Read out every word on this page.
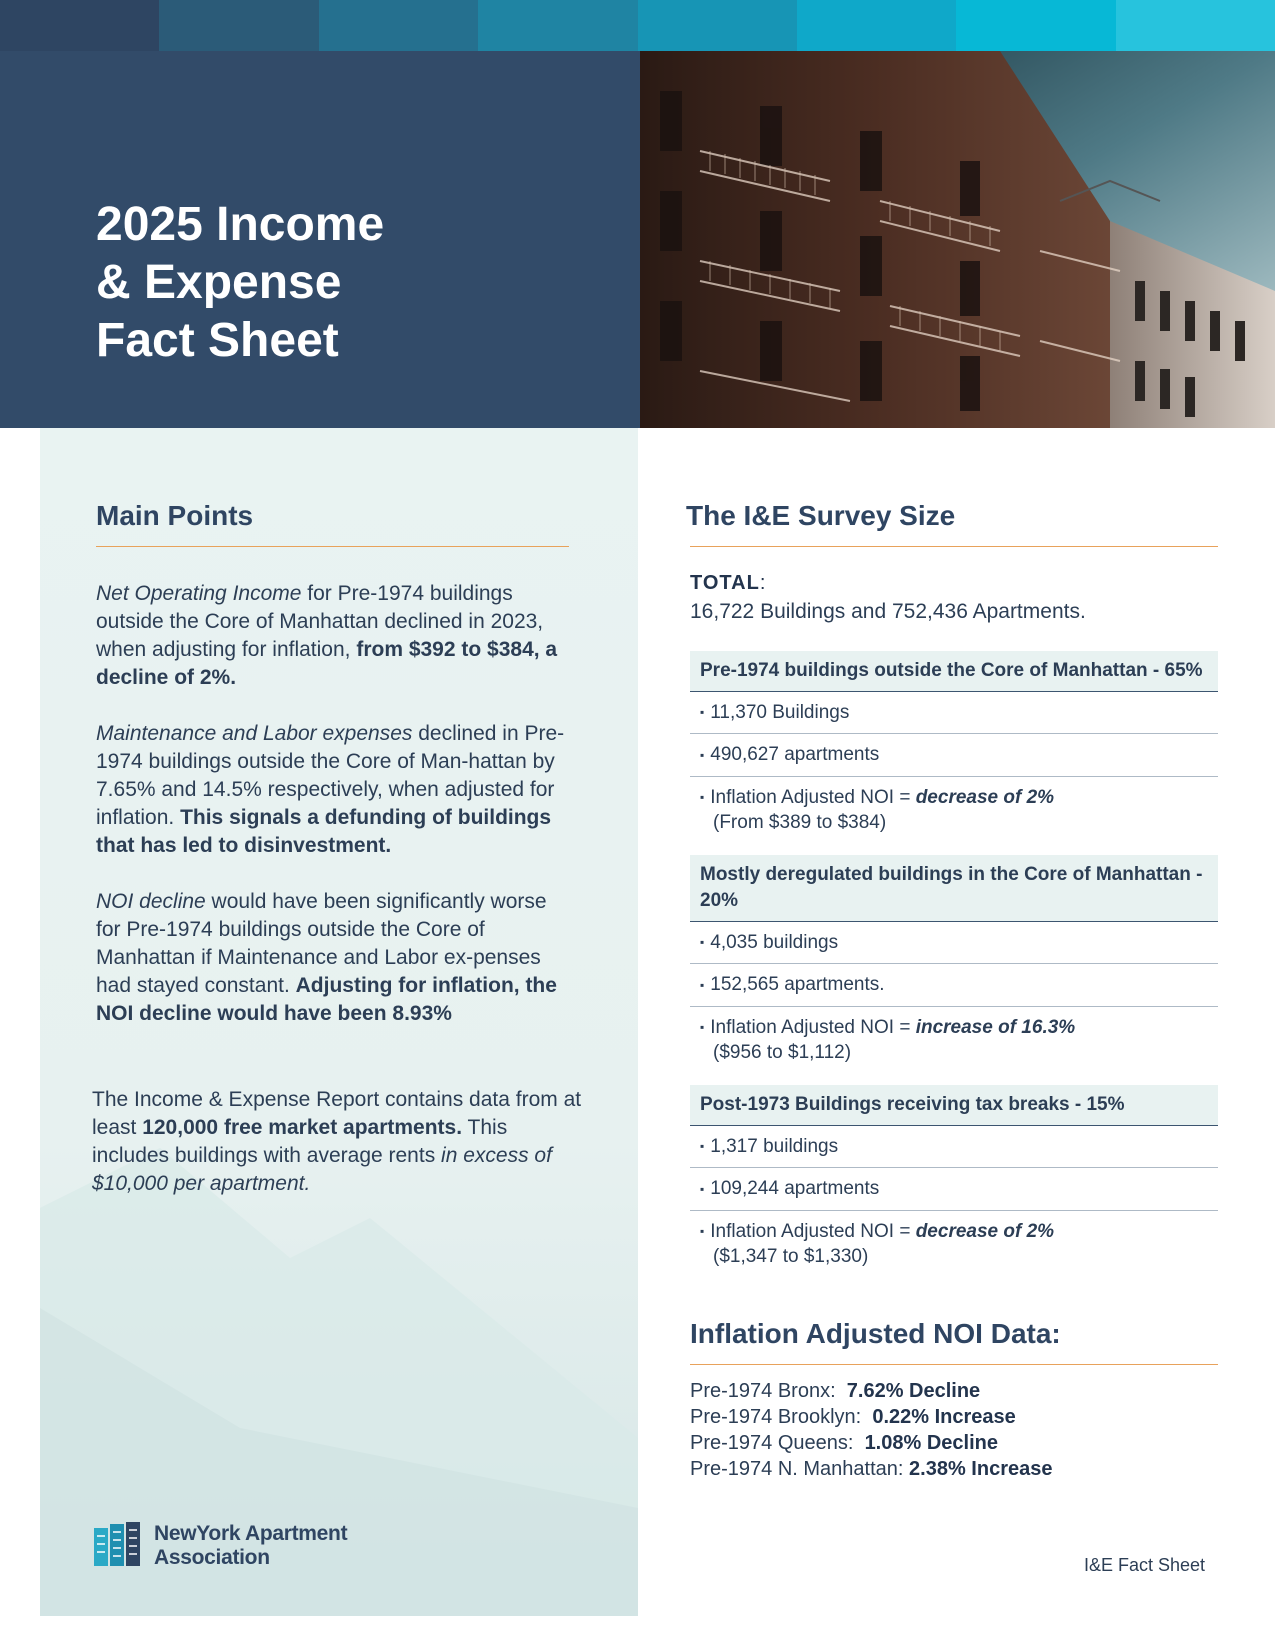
2025 Income
& Expense
Fact Sheet
Main Points

Net Operating Income for Pre-1974 buildings outside the Core of Manhattan declined in 2023, when adjusting for inflation, from $392 to $384, a decline of 2%.

Maintenance and Labor expenses declined in Pre-1974 buildings outside the Core of Man-hattan by 7.65% and 14.5% respectively, when adjusted for inflation. This signals a defunding of buildings that has led to disinvestment.

NOI decline would have been significantly worse for Pre-1974 buildings outside the Core of Manhattan if Maintenance and Labor ex-penses had stayed constant. Adjusting for inflation, the NOI decline would have been 8.93%

The Income & Expense Report contains data from at least 120,000 free market apartments. This includes buildings with average rents in excess of $10,000 per apartment.

NewYork Apartment
Association
The I&E Survey Size
TOTAL:
16,722 Buildings and 752,436 Apartments.
Pre-1974 buildings outside the Core of Manhattan - 65%
▪ 11,370 Buildings
▪ 490,627 apartments
▪ Inflation Adjusted NOI = decrease of 2%
(From $389 to $384)
Mostly deregulated buildings in the Core of Manhattan - 20%
▪ 4,035 buildings
▪ 152,565 apartments.
▪ Inflation Adjusted NOI = increase of 16.3%
($956 to $1,112)
Post-1973 Buildings receiving tax breaks - 15%
▪ 1,317 buildings
▪ 109,244 apartments
▪ Inflation Adjusted NOI = decrease of 2%
($1,347 to $1,330)
Inflation Adjusted NOI Data:
Pre-1974 Bronx: 7.62% Decline
Pre-1974 Brooklyn: 0.22% Increase
Pre-1974 Queens: 1.08% Decline
Pre-1974 N. Manhattan: 2.38% Increase
I&E Fact Sheet
